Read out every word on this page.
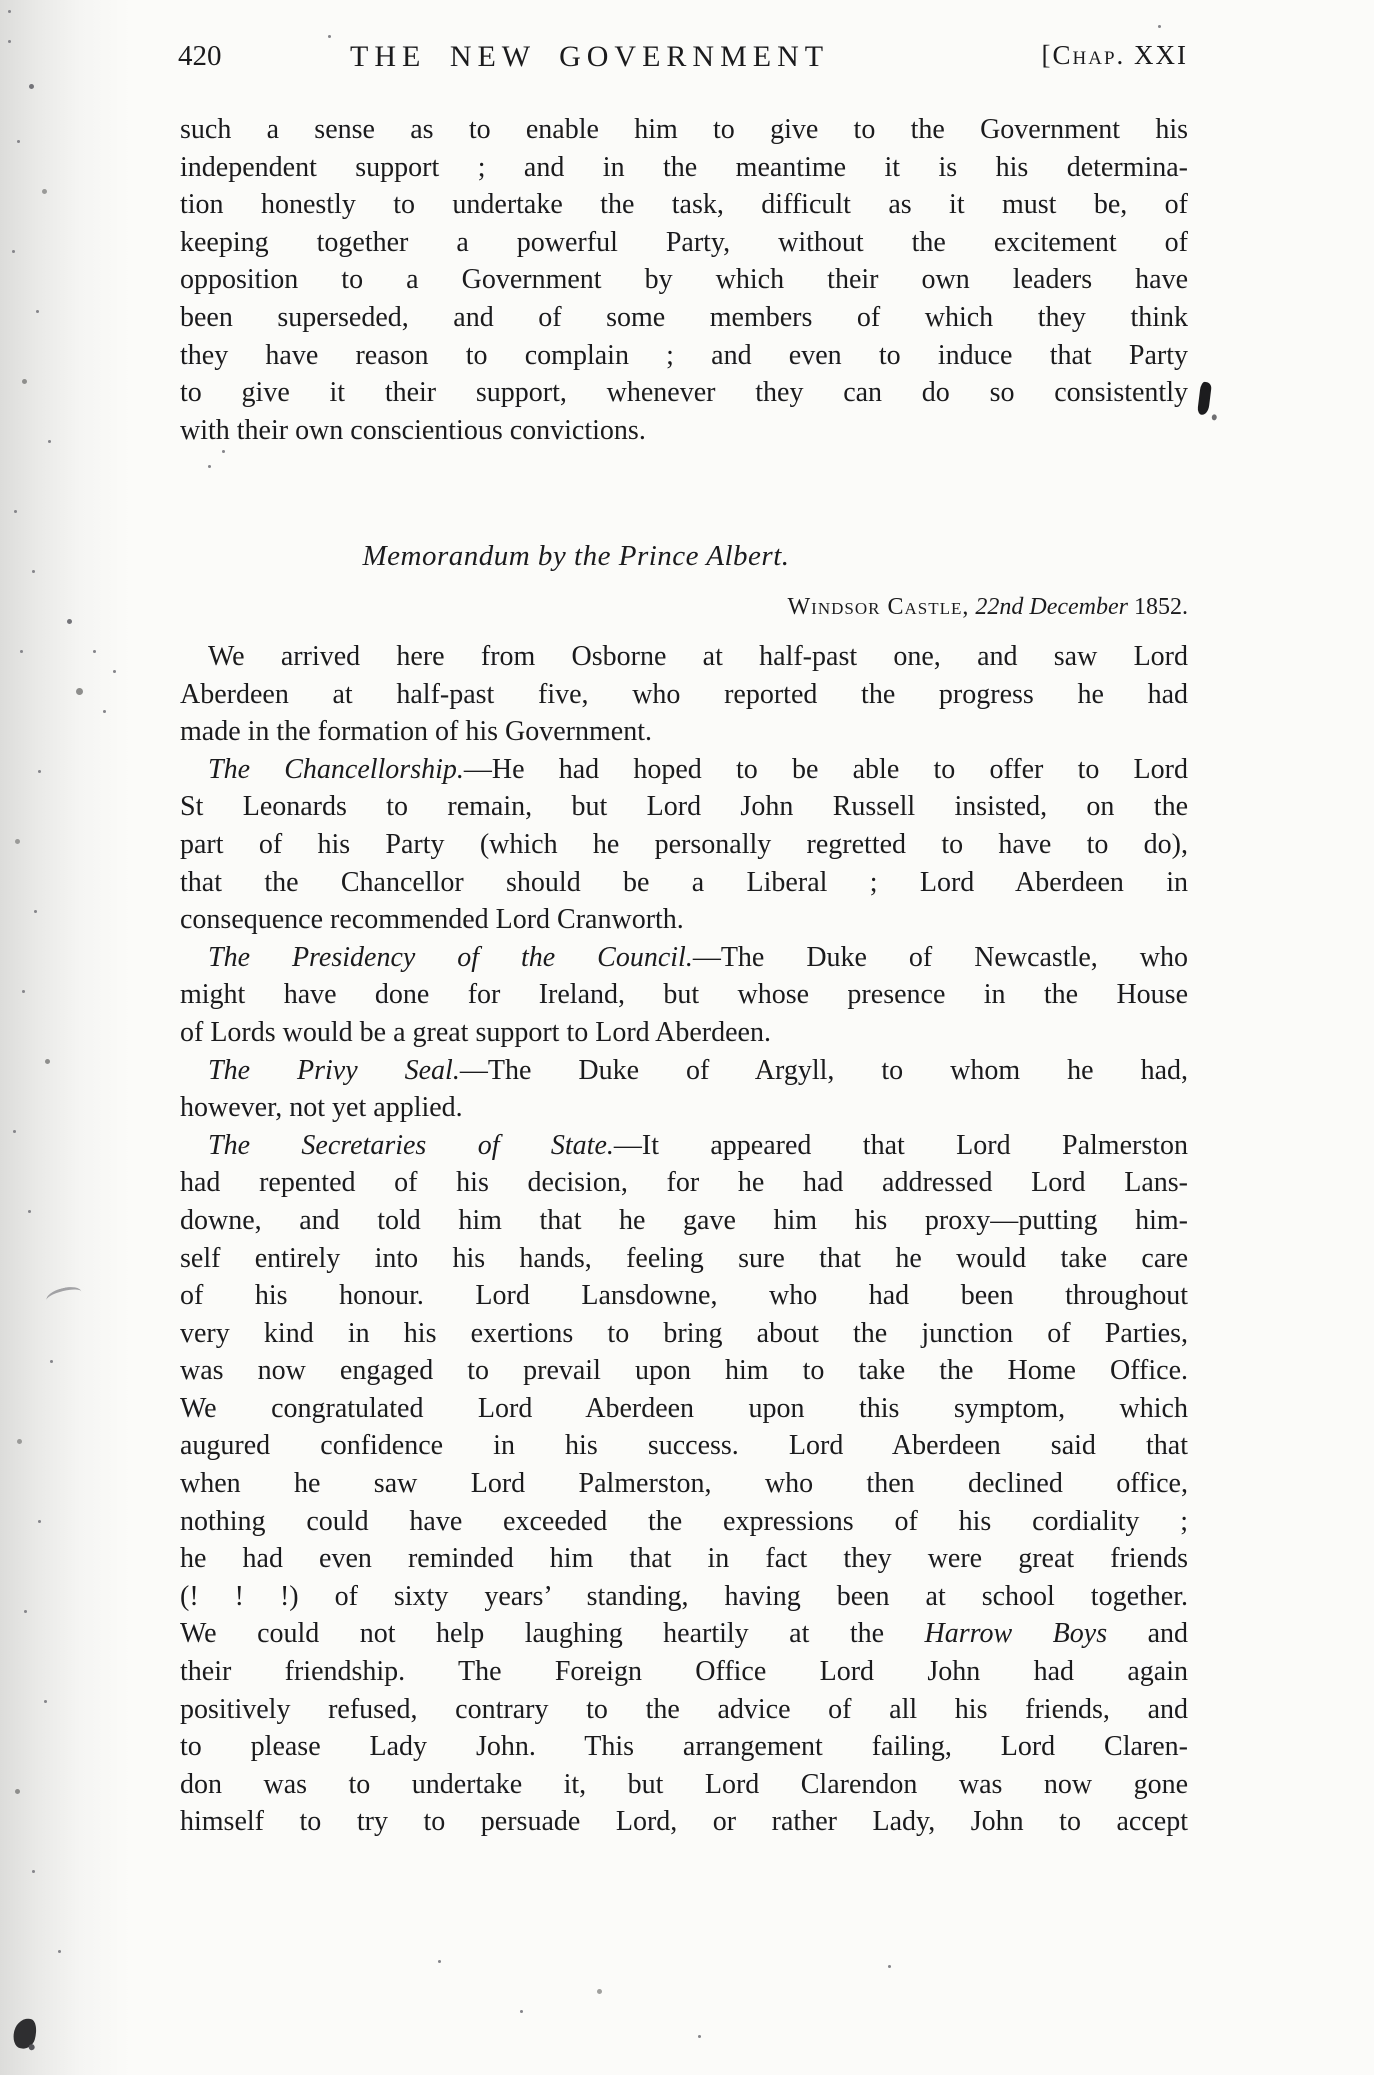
420	THE NEW GOVERNMENT	[Chap. XXI
such a sense as to enable him to give to the Government his
independent support ; and in the meantime it is his determina-
tion honestly to undertake the task, difficult as it must be, of
keeping together a powerful Party, without the excitement of
opposition to a Government by which their own leaders have
been superseded, and of some members of which they think
they have reason to complain ; and even to induce that Party
to give it their support, whenever they can do so consistently
with their own conscientious convictions.
Memorandum by the Prince Albert.
Windsor Castle, 22nd December 1852.
We arrived here from Osborne at half-past one, and saw Lord
Aberdeen at half-past five, who reported the progress he had
made in the formation of his Government.
The Chancellorship.—He had hoped to be able to offer to Lord
St Leonards to remain, but Lord John Russell insisted, on the
part of his Party (which he personally regretted to have to do),
that the Chancellor should be a Liberal ; Lord Aberdeen in
consequence recommended Lord Cranworth.
The Presidency of the Council.—The Duke of Newcastle, who
might have done for Ireland, but whose presence in the House
of Lords would be a great support to Lord Aberdeen.
The Privy Seal.—The Duke of Argyll, to whom he had,
however, not yet applied.
The Secretaries of State.—It appeared that Lord Palmerston
had repented of his decision, for he had addressed Lord Lans-
downe, and told him that he gave him his proxy—putting him-
self entirely into his hands, feeling sure that he would take care
of his honour. Lord Lansdowne, who had been throughout
very kind in his exertions to bring about the junction of Parties,
was now engaged to prevail upon him to take the Home Office.
We congratulated Lord Aberdeen upon this symptom, which
augured confidence in his success. Lord Aberdeen said that
when he saw Lord Palmerston, who then declined office,
nothing could have exceeded the expressions of his cordiality ;
he had even reminded him that in fact they were great friends
(! ! !) of sixty years’ standing, having been at school together.
We could not help laughing heartily at the Harrow Boys and
their friendship. The Foreign Office Lord John had again
positively refused, contrary to the advice of all his friends, and
to please Lady John. This arrangement failing, Lord Claren-
don was to undertake it, but Lord Clarendon was now gone
himself to try to persuade Lord, or rather Lady, John to accept
